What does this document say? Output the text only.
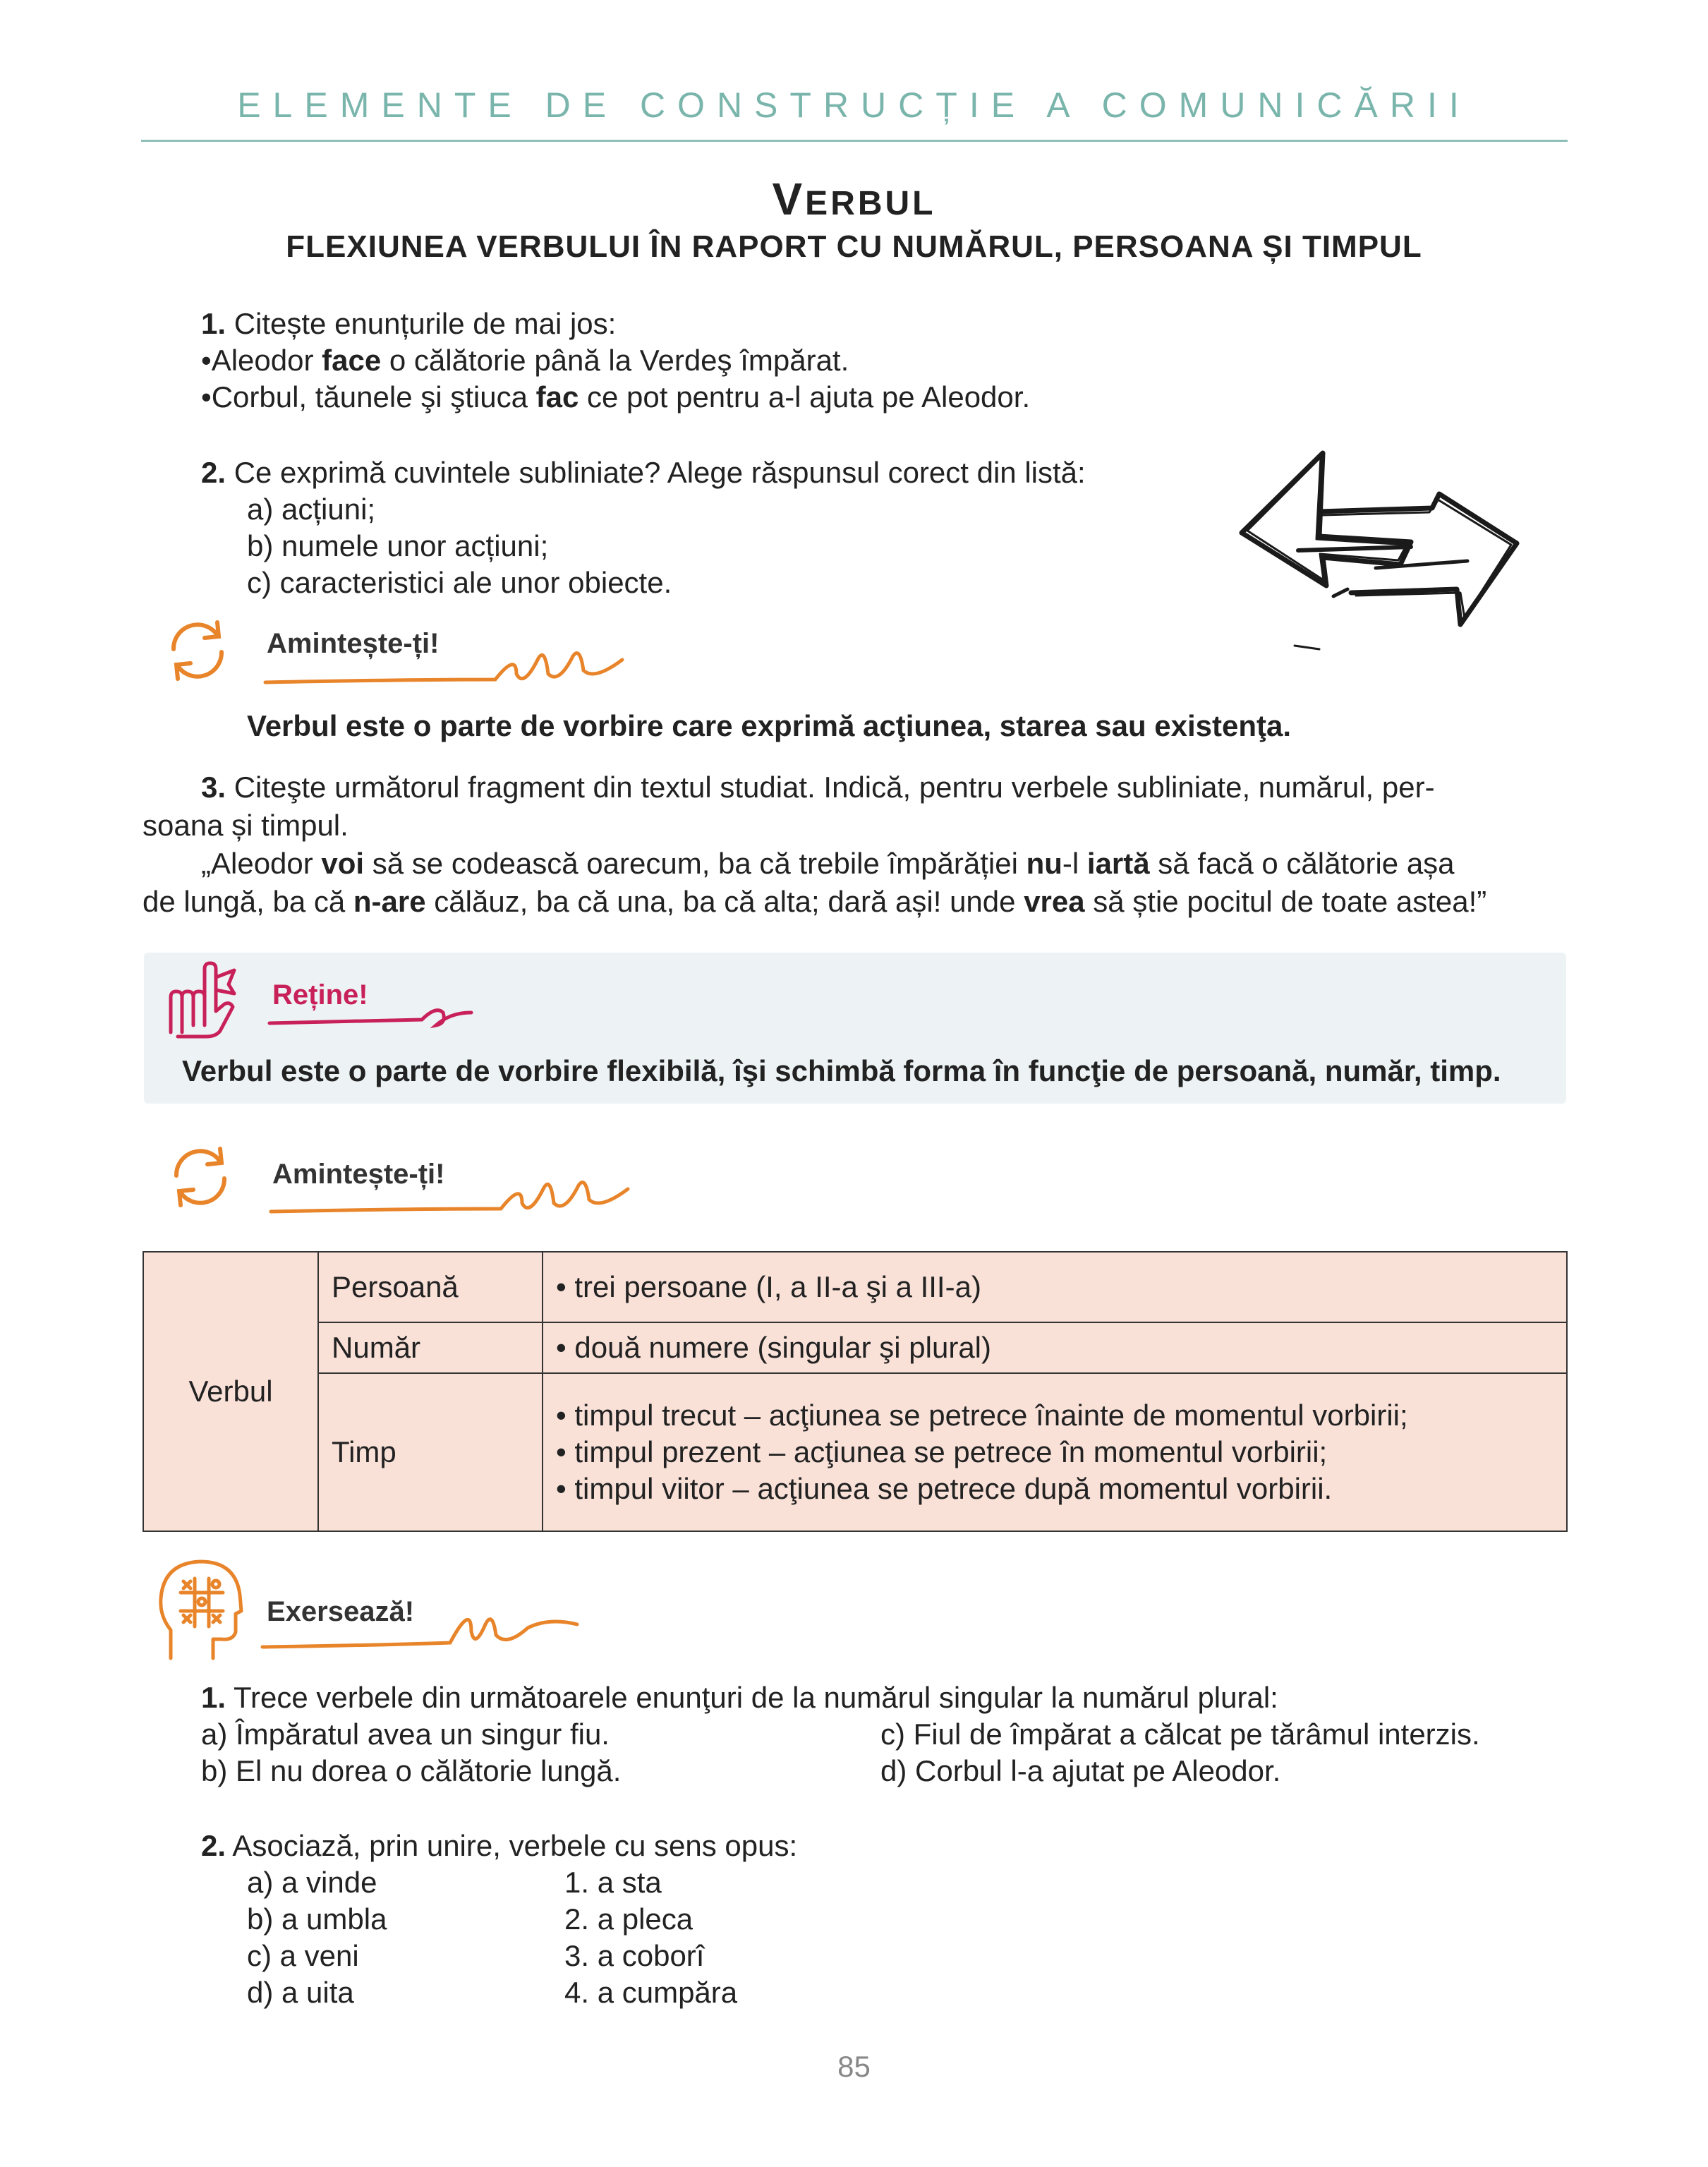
ELEMENTE DE CONSTRUCȚIE A COMUNICĂRII
VERBUL
FLEXIUNEA VERBULUI ÎN RAPORT CU NUMĂRUL, PERSOANA ȘI TIMPUL
1. Citește enunțurile de mai jos:
•Aleodor face o călătorie până la Verdeş împărat.
•Corbul, tăunele şi ştiuca fac ce pot pentru a-l ajuta pe Aleodor.
2. Ce exprimă cuvintele subliniate? Alege răspunsul corect din listă:
a) acțiuni;
b) numele unor acțiuni;
c) caracteristici ale unor obiecte.
Amintește-ți!
Verbul este o parte de vorbire care exprimă acţiunea, starea sau existenţa.
3. Citeşte următorul fragment din textul studiat. Indică, pentru verbele subliniate, numărul, per-
soana și timpul.
„Aleodor voi să se codească oarecum, ba că trebile împărăției nu-l iartă să facă o călătorie așa
de lungă, ba că n-are călăuz, ba că una, ba că alta; dară ași! unde vrea să știe pocitul de toate astea!”
Reține!
Verbul este o parte de vorbire flexibilă, îşi schimbă forma în funcţie de persoană, număr, timp.
Amintește-ți!
Verbul	Persoană	• trei persoane (I, a II-a şi a III-a)
	Număr	• două numere (singular şi plural)
	Timp	• timpul trecut – acţiunea se petrece înainte de momentul vorbirii;
• timpul prezent – acţiunea se petrece în momentul vorbirii;
• timpul viitor – acţiunea se petrece după momentul vorbirii.
Exersează!
1. Trece verbele din următoarele enunţuri de la numărul singular la numărul plural:
a) Împăratul avea un singur fiu.
b) El nu dorea o călătorie lungă.
c) Fiul de împărat a călcat pe tărâmul interzis.
d) Corbul l-a ajutat pe Aleodor.
2. Asociază, prin unire, verbele cu sens opus:
a) a vinde
b) a umbla
c) a veni
d) a uita
1. a sta
2. a pleca
3. a coborî
4. a cumpăra
85
